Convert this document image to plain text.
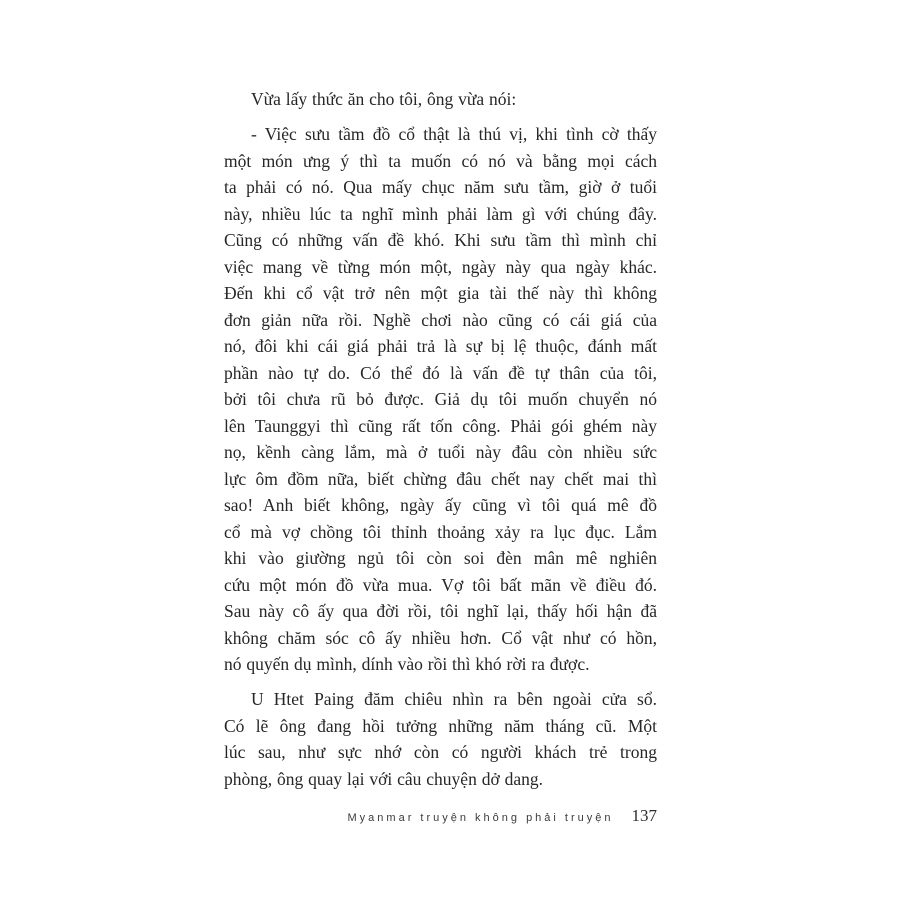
Vừa lấy thức ăn cho tôi, ông vừa nói:

- Việc sưu tầm đồ cổ thật là thú vị, khi tình cờ thấy
một món ưng ý thì ta muốn có nó và bằng mọi cách
ta phải có nó. Qua mấy chục năm sưu tầm, giờ ở tuổi
này, nhiều lúc ta nghĩ mình phải làm gì với chúng đây.
Cũng có những vấn đề khó. Khi sưu tầm thì mình chỉ
việc mang về từng món một, ngày này qua ngày khác.
Đến khi cổ vật trở nên một gia tài thế này thì không
đơn giản nữa rồi. Nghề chơi nào cũng có cái giá của
nó, đôi khi cái giá phải trả là sự bị lệ thuộc, đánh mất
phần nào tự do. Có thể đó là vấn đề tự thân của tôi,
bởi tôi chưa rũ bỏ được. Giả dụ tôi muốn chuyển nó
lên Taunggyi thì cũng rất tốn công. Phải gói ghém này
nọ, kềnh càng lắm, mà ở tuổi này đâu còn nhiều sức
lực ôm đồm nữa, biết chừng đâu chết nay chết mai thì
sao! Anh biết không, ngày ấy cũng vì tôi quá mê đồ
cổ mà vợ chồng tôi thỉnh thoảng xảy ra lục đục. Lắm
khi vào giường ngủ tôi còn soi đèn mân mê nghiên
cứu một món đồ vừa mua. Vợ tôi bất mãn về điều đó.
Sau này cô ấy qua đời rồi, tôi nghĩ lại, thấy hối hận đã
không chăm sóc cô ấy nhiều hơn. Cổ vật như có hồn,
nó quyến dụ mình, dính vào rồi thì khó rời ra được.

U Htet Paing đăm chiêu nhìn ra bên ngoài cửa sổ.
Có lẽ ông đang hồi tưởng những năm tháng cũ. Một
lúc sau, như sực nhớ còn có người khách trẻ trong
phòng, ông quay lại với câu chuyện dở dang.

Myanmar truyện không phải truyện 137
